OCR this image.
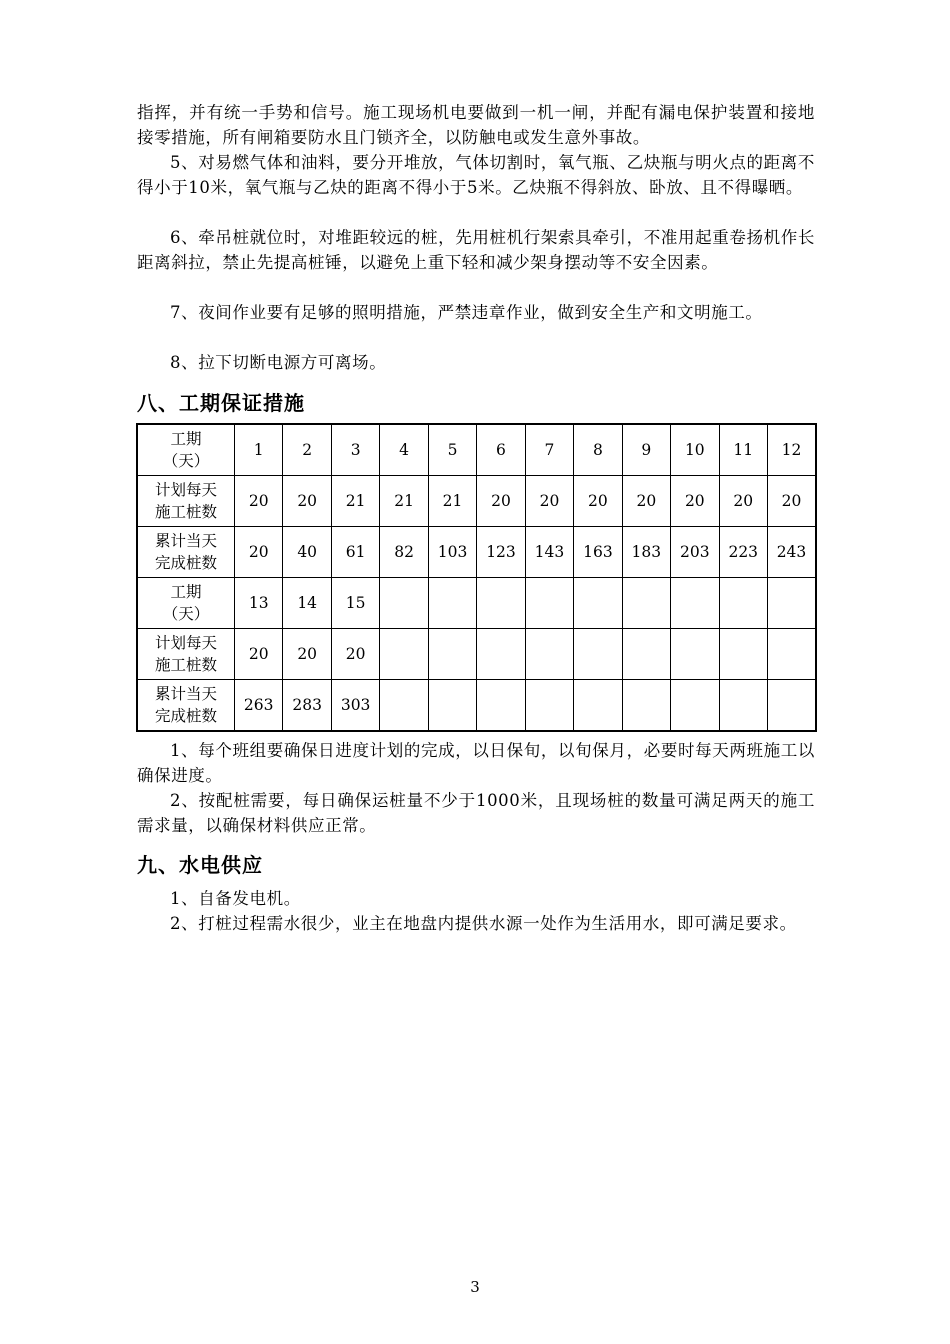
指挥，并有统一手势和信号。施工现场机电要做到一机一闸，并配有漏电保护装置和接地接零措施，所有闸箱要防水且门锁齐全，以防触电或发生意外事故。

5、对易燃气体和油料，要分开堆放，气体切割时，氧气瓶、乙炔瓶与明火点的距离不得小于10米，氧气瓶与乙炔的距离不得小于5米。乙炔瓶不得斜放、卧放、且不得曝晒。

6、牵吊桩就位时，对堆距较远的桩，先用桩机行架索具牵引，不准用起重卷扬机作长距离斜拉，禁止先提高桩锤，以避免上重下轻和减少架身摆动等不安全因素。

7、夜间作业要有足够的照明措施，严禁违章作业，做到安全生产和文明施工。

8、拉下切断电源方可离场。

八、工期保证措施
工期
（天）	1	2	3	4	5	6	7	8	9	10	11	12
计划每天
施工桩数	20	20	21	21	21	20	20	20	20	20	20	20
累计当天
完成桩数	20	40	61	82	103	123	143	163	183	203	223	243
工期
（天）	13	14	15									
计划每天
施工桩数	20	20	20									
累计当天
完成桩数	263	283	303									

1、每个班组要确保日进度计划的完成，以日保旬，以旬保月，必要时每天两班施工以确保进度。

2、按配桩需要，每日确保运桩量不少于1000米，且现场桩的数量可满足两天的施工需求量，以确保材料供应正常。

九、水电供应

1、自备发电机。

2、打桩过程需水很少，业主在地盘内提供水源一处作为生活用水，即可满足要求。

3
